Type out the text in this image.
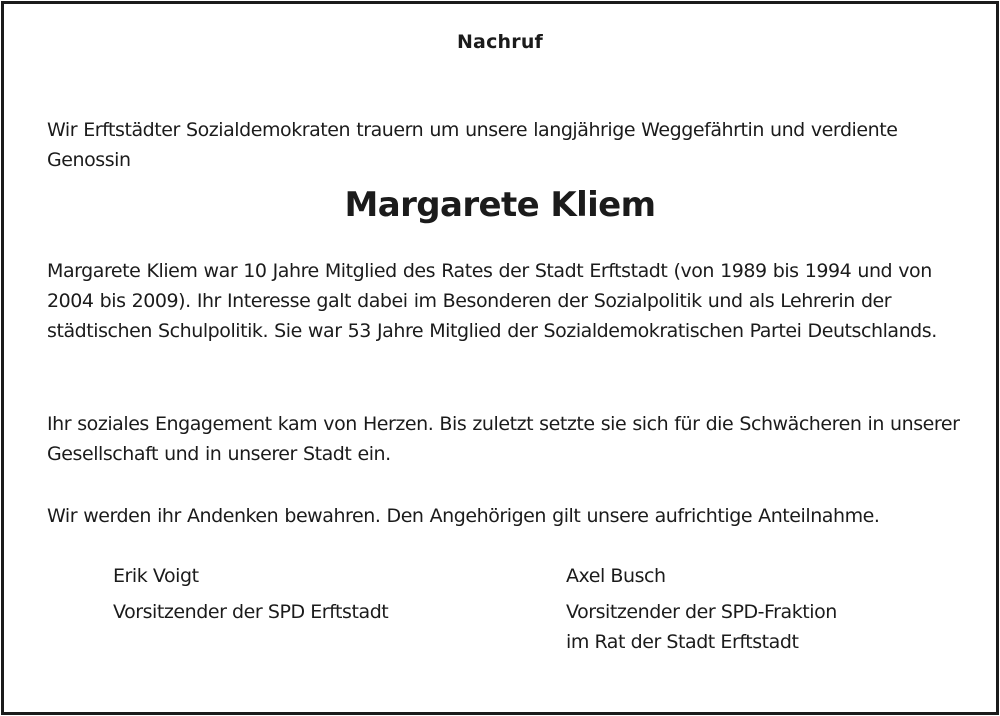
Nachruf

Wir Erftstädter Sozialdemokraten trauern um unsere langjährige Weggefährtin und verdiente Genossin

Margarete Kliem

Margarete Kliem war 10 Jahre Mitglied des Rates der Stadt Erftstadt (von 1989 bis 1994 und von 2004 bis 2009). Ihr Interesse galt dabei im Besonderen der Sozialpolitik und als Lehrerin der städtischen Schulpolitik. Sie war 53 Jahre Mitglied der Sozialdemokratischen Partei Deutschlands.

Ihr soziales Engagement kam von Herzen. Bis zuletzt setzte sie sich für die Schwächeren in unserer Gesellschaft und in unserer Stadt ein.

Wir werden ihr Andenken bewahren. Den Angehörigen gilt unsere aufrichtige Anteilnahme.

Erik Voigt
Vorsitzender der SPD Erftstadt
Axel Busch
Vorsitzender der SPD-Fraktion
im Rat der Stadt Erftstadt
